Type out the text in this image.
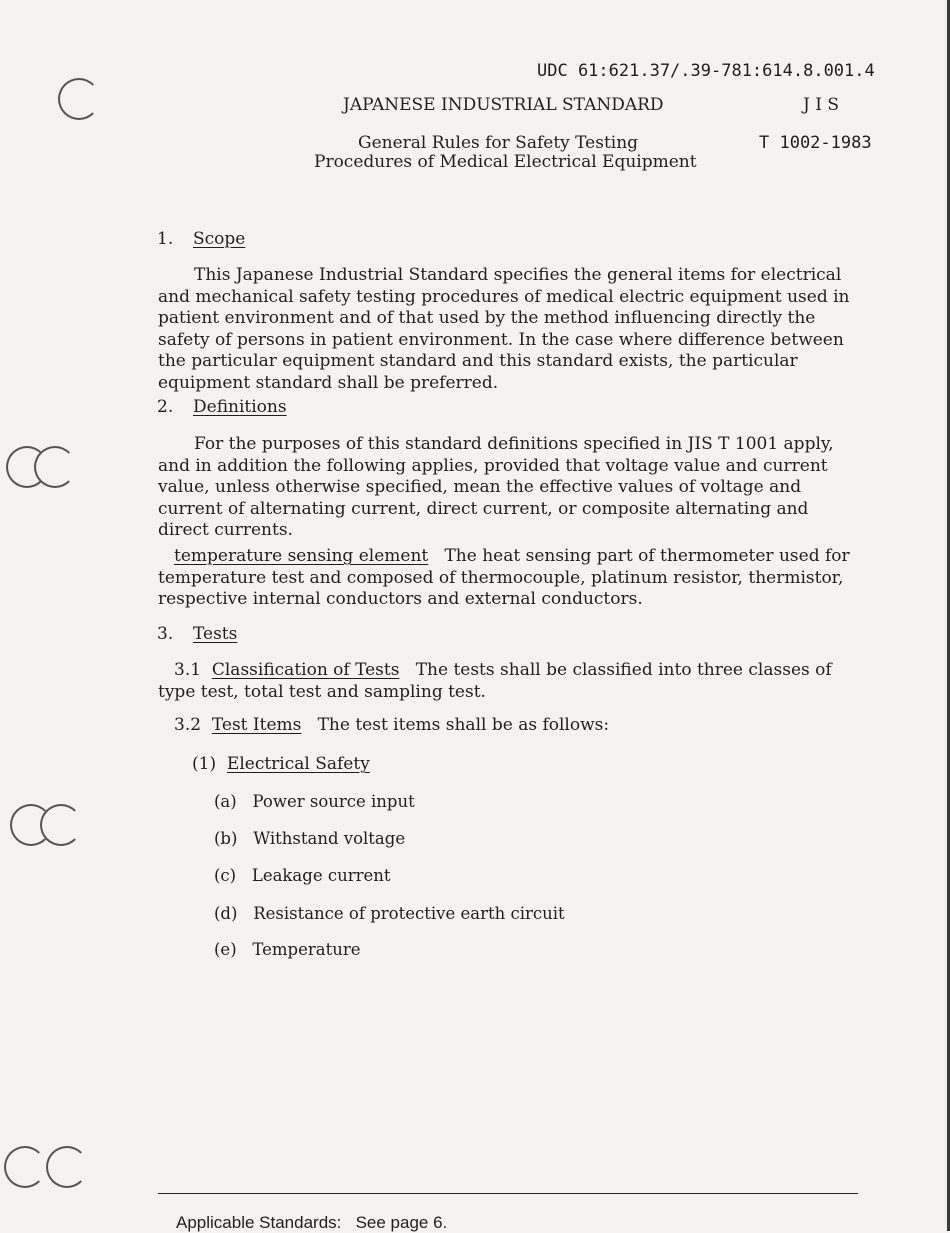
UDC 61:621.37/.39-781:614.8.001.4
JAPANESE INDUSTRIAL STANDARD	J I S
General Rules for Safety Testing
Procedures of Medical Electrical Equipment
T 1002-1983
1. Scope
This Japanese Industrial Standard specifies the general items for electrical and mechanical safety testing procedures of medical electric equipment used in patient environment and of that used by the method influencing directly the safety of persons in patient environment. In the case where difference between the particular equipment standard and this standard exists, the particular equipment standard shall be preferred.
2. Definitions
For the purposes of this standard definitions specified in JIS T 1001 apply, and in addition the following applies, provided that voltage value and current value, unless otherwise specified, mean the effective values of voltage and current of alternating current, direct current, or composite alternating and direct currents.
temperature sensing element The heat sensing part of thermometer used for temperature test and composed of thermocouple, platinum resistor, thermistor, respective internal conductors and external conductors.
3. Tests
3.1 Classification of Tests The tests shall be classified into three classes of type test, total test and sampling test.
3.2 Test Items The test items shall be as follows:
(1) Electrical Safety
(a) Power source input
(b) Withstand voltage
(c) Leakage current
(d) Resistance of protective earth circuit
(e) Temperature
Applicable Standards: See page 6.
